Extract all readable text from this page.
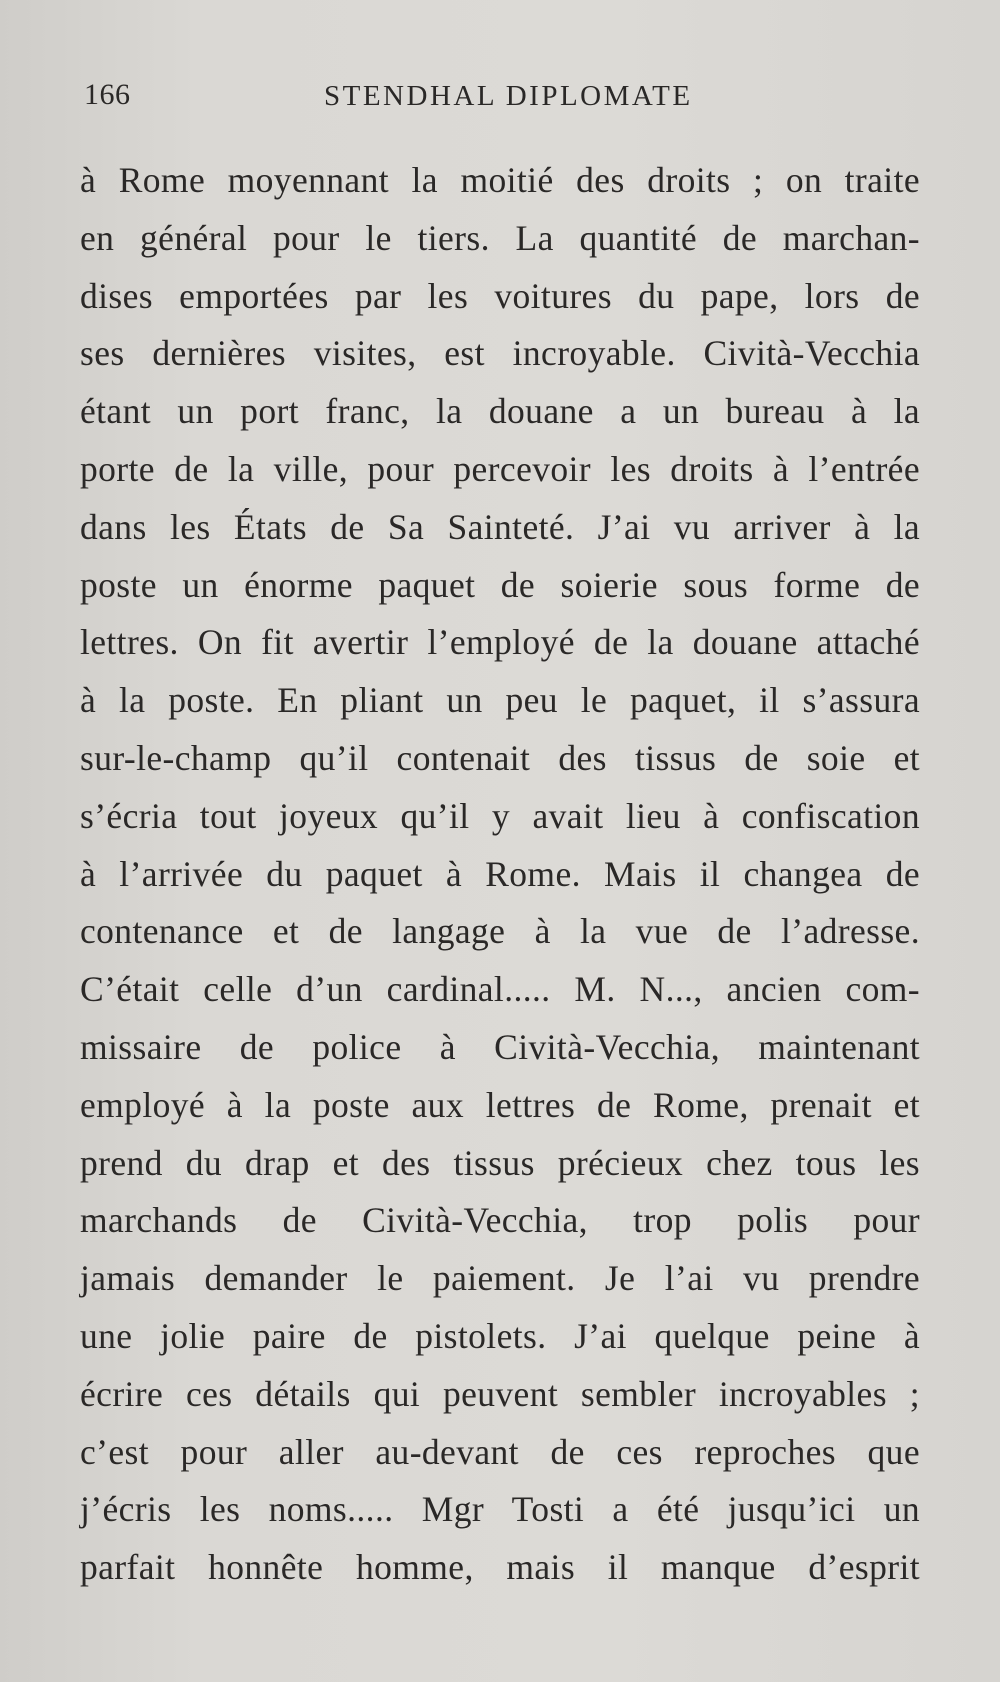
166	STENDHAL DIPLOMATE
à Rome moyennant la moitié des droits ; on traite
en général pour le tiers. La quantité de marchan-
dises emportées par les voitures du pape, lors de
ses dernières visites, est incroyable. Cività-Vecchia
étant un port franc, la douane a un bureau à la
porte de la ville, pour percevoir les droits à l’entrée
dans les États de Sa Sainteté. J’ai vu arriver à la
poste un énorme paquet de soierie sous forme de
lettres. On fit avertir l’employé de la douane attaché
à la poste. En pliant un peu le paquet, il s’assura
sur-le-champ qu’il contenait des tissus de soie et
s’écria tout joyeux qu’il y avait lieu à confiscation
à l’arrivée du paquet à Rome. Mais il changea de
contenance et de langage à la vue de l’adresse.
C’était celle d’un cardinal..... M. N..., ancien com-
missaire de police à Cività-Vecchia, maintenant
employé à la poste aux lettres de Rome, prenait et
prend du drap et des tissus précieux chez tous les
marchands de Cività-Vecchia, trop polis pour
jamais demander le paiement. Je l’ai vu prendre
une jolie paire de pistolets. J’ai quelque peine à
écrire ces détails qui peuvent sembler incroyables ;
c’est pour aller au-devant de ces reproches que
j’écris les noms..... Mgr Tosti a été jusqu’ici un
parfait honnête homme, mais il manque d’esprit
